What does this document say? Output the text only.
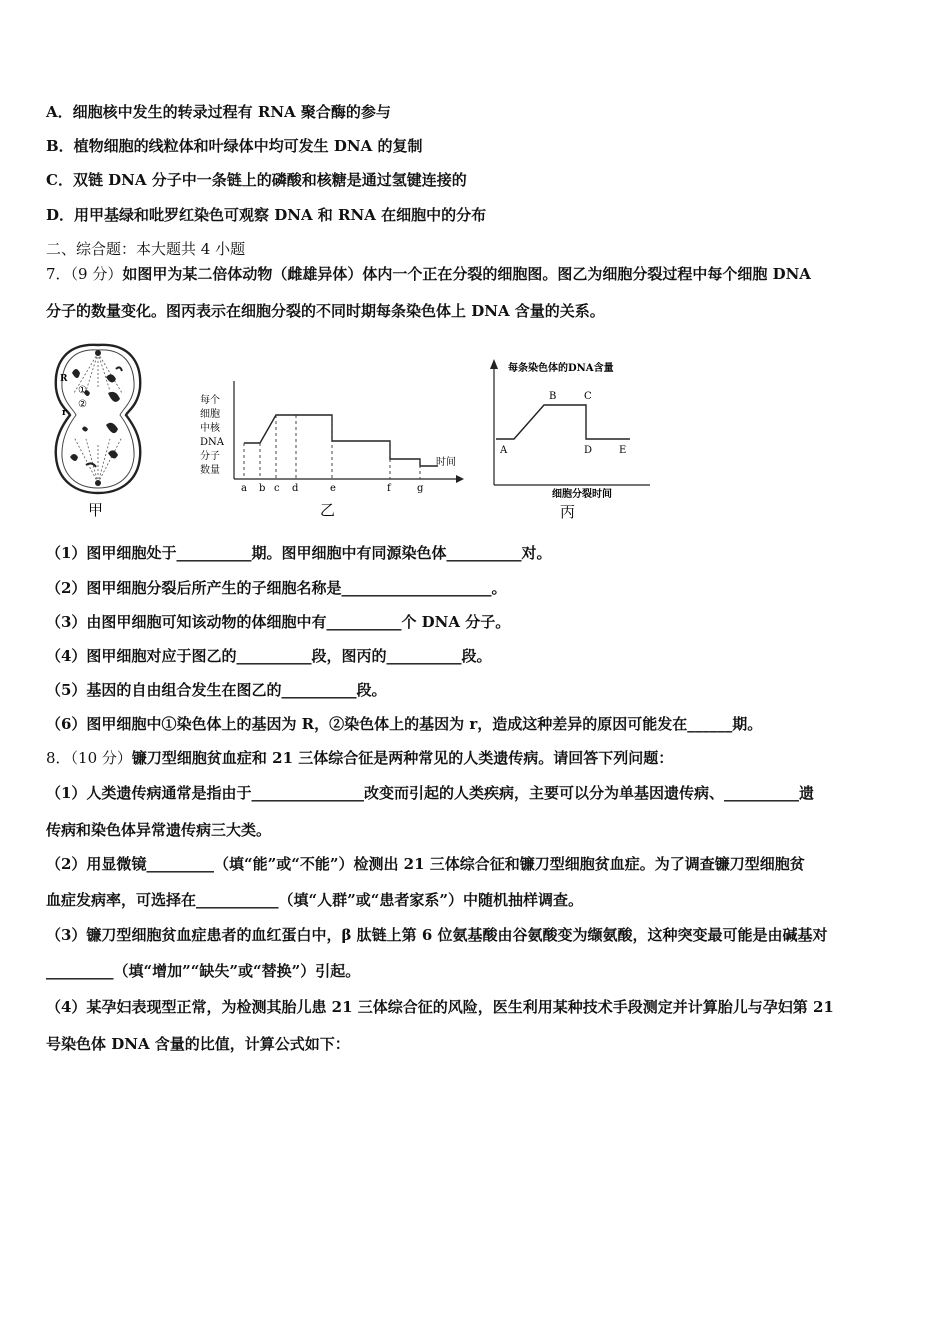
A．细胞核中发生的转录过程有 RNA 聚合酶的参与
B．植物细胞的线粒体和叶绿体中均可发生 DNA 的复制
C．双链 DNA 分子中一条链上的磷酸和核糖是通过氢键连接的
D．用甲基绿和吡罗红染色可观察 DNA 和 RNA 在细胞中的分布
二、综合题：本大题共 4 小题
7．（9 分）如图甲为某二倍体动物（雌雄异体）体内一个正在分裂的细胞图。图乙为细胞分裂过程中每个细胞 DNA
分子的数量变化。图丙表示在细胞分裂的不同时期每条染色体上 DNA 含量的关系。
R
①
②
r
甲
每个
细胞
中核
DNA
分子
数量
时间
a b c d	e	f	g
乙
每条染色体的DNA含量
A
B	C
D	E
细胞分裂时间
丙
（1）图甲细胞处于__________期。图甲细胞中有同源染色体__________对。
（2）图甲细胞分裂后所产生的子细胞名称是____________________。
（3）由图甲细胞可知该动物的体细胞中有__________个 DNA 分子。
（4）图甲细胞对应于图乙的__________段，图丙的__________段。
（5）基因的自由组合发生在图乙的__________段。
（6）图甲细胞中①染色体上的基因为 R，②染色体上的基因为 r，造成这种差异的原因可能发在______期。
8．（10 分）镰刀型细胞贫血症和 21 三体综合征是两种常见的人类遗传病。请回答下列问题：
（1）人类遗传病通常是指由于_______________改变而引起的人类疾病，主要可以分为单基因遗传病、__________遗
传病和染色体异常遗传病三大类。
（2）用显微镜_________（填“能”或“不能”）检测出 21 三体综合征和镰刀型细胞贫血症。为了调查镰刀型细胞贫
血症发病率，可选择在___________（填“人群”或“患者家系”）中随机抽样调查。
（3）镰刀型细胞贫血症患者的血红蛋白中，β 肽链上第 6 位氨基酸由谷氨酸变为缬氨酸，这种突变最可能是由碱基对
_________（填“增加”“缺失”或“替换”）引起。
（4）某孕妇表现型正常，为检测其胎儿患 21 三体综合征的风险，医生利用某种技术手段测定并计算胎儿与孕妇第 21
号染色体 DNA 含量的比值，计算公式如下：
